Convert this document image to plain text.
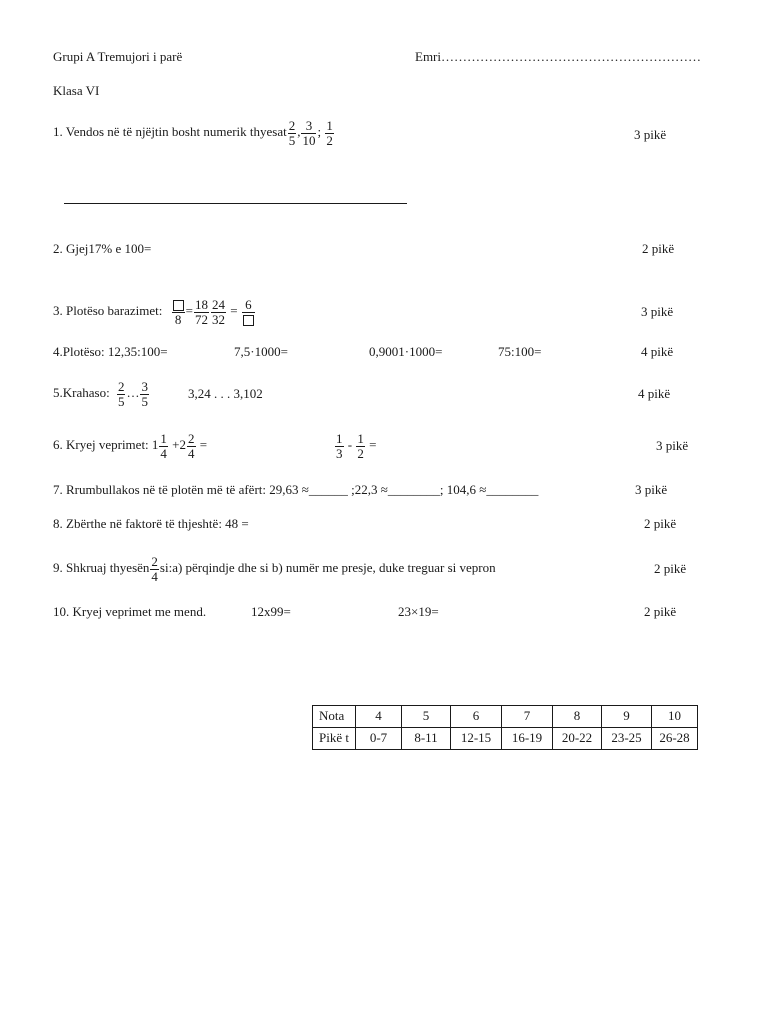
Grupi A Tremujori i parë	Emri……………………………………………………
Klasa VI
1. Vendos në të njëjtin bosht numerik thyesat $\frac{2}{5}$ , $\frac{3}{10}$ ; $\frac{1}{2}$	3 pikë
2. Gjej17% e 100=	2 pikë
3. Plotëso barazimet:
8
= $\frac{18}{72} \frac{24}{32} = 6$	3 pikë
4.Plotëso: 12,35:100=	7,5·1000=	0,9001·1000=	75:100=	4 pikë
5.Krahaso: $\frac{2}{5}$ … $\frac{3}{5}$	3,24 . . . 3,102	4 pikë
6. Kryej veprimet: $1 \frac{1}{4} +2 \frac{2}{4}$ =	$\frac{1}{3} - \frac{1}{2}$ =	3 pikë
7. Rrumbullakos në të plotën më të afërt: 29,63 ≈______ ;22,3 ≈________; 104,6 ≈________	3 pikë
8. Zbërthe në faktorë të thjeshtë: 48 =	2 pikë
9. Shkruaj thyesën $\frac{2}{4}$ si:a) përqindje dhe si b) numër me presje, duke treguar si vepron	2 pikë
10. Kryej veprimet me mend.	12x99=	23×19=	2 pikë
Nota	4	5	6	7	8	9	10
Pikë t	0-7	8-11	12-15	16-19	20-22	23-25	26-28
